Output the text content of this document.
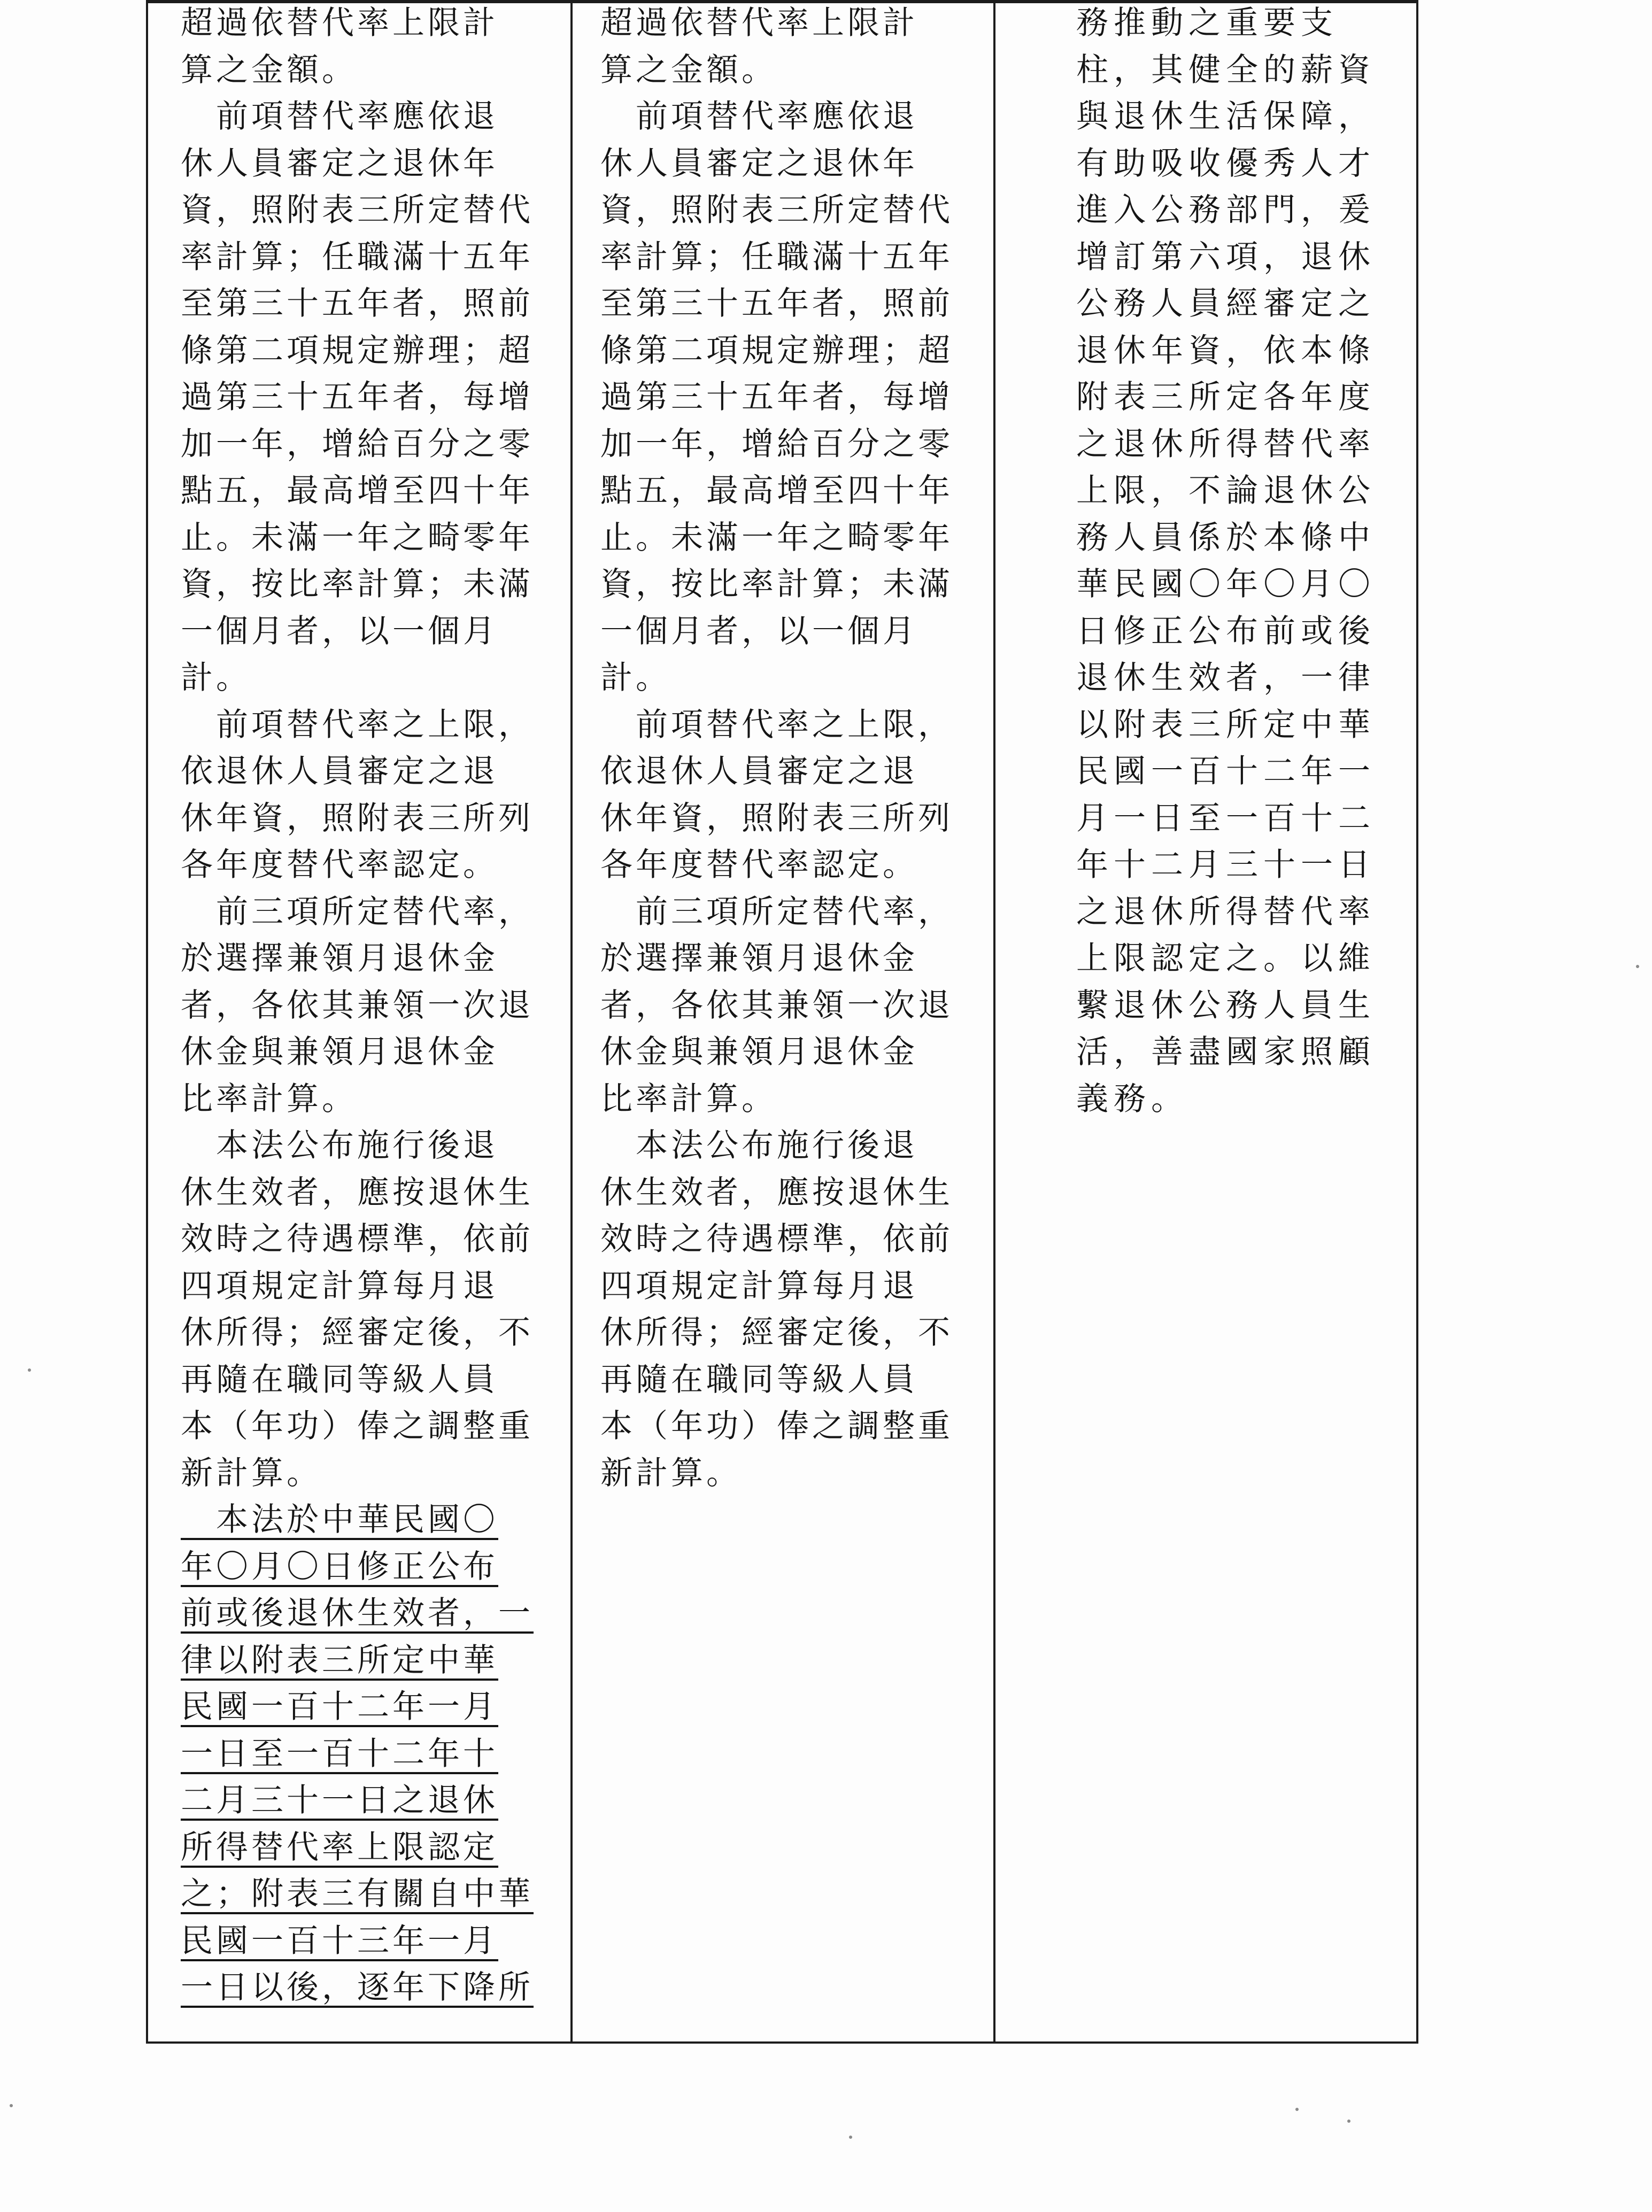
超過依替代率上限計
算之金額。
　前項替代率應依退
休人員審定之退休年
資，照附表三所定替代
率計算；任職滿十五年
至第三十五年者，照前
條第二項規定辦理；超
過第三十五年者，每增
加一年，增給百分之零
點五，最高增至四十年
止。未滿一年之畸零年
資，按比率計算；未滿
一個月者，以一個月
計。
　前項替代率之上限，
依退休人員審定之退
休年資，照附表三所列
各年度替代率認定。
　前三項所定替代率，
於選擇兼領月退休金
者，各依其兼領一次退
休金與兼領月退休金
比率計算。
　本法公布施行後退
休生效者，應按退休生
效時之待遇標準，依前
四項規定計算每月退
休所得；經審定後，不
再隨在職同等級人員
本（年功）俸之調整重
新計算。
　本法於中華民國〇
年〇月〇日修正公布
前或後退休生效者，一
律以附表三所定中華
民國一百十二年一月
一日至一百十二年十
二月三十一日之退休
所得替代率上限認定
之；附表三有關自中華
民國一百十三年一月
一日以後，逐年下降所
超過依替代率上限計
算之金額。
　前項替代率應依退
休人員審定之退休年
資，照附表三所定替代
率計算；任職滿十五年
至第三十五年者，照前
條第二項規定辦理；超
過第三十五年者，每增
加一年，增給百分之零
點五，最高增至四十年
止。未滿一年之畸零年
資，按比率計算；未滿
一個月者，以一個月
計。
　前項替代率之上限，
依退休人員審定之退
休年資，照附表三所列
各年度替代率認定。
　前三項所定替代率，
於選擇兼領月退休金
者，各依其兼領一次退
休金與兼領月退休金
比率計算。
　本法公布施行後退
休生效者，應按退休生
效時之待遇標準，依前
四項規定計算每月退
休所得；經審定後，不
再隨在職同等級人員
本（年功）俸之調整重
新計算。
務推動之重要支
柱，其健全的薪資
與退休生活保障，
有助吸收優秀人才
進入公務部門，爰
增訂第六項，退休
公務人員經審定之
退休年資，依本條
附表三所定各年度
之退休所得替代率
上限，不論退休公
務人員係於本條中
華民國〇年〇月〇
日修正公布前或後
退休生效者，一律
以附表三所定中華
民國一百十二年一
月一日至一百十二
年十二月三十一日
之退休所得替代率
上限認定之。以維
繫退休公務人員生
活，善盡國家照顧
義務。
